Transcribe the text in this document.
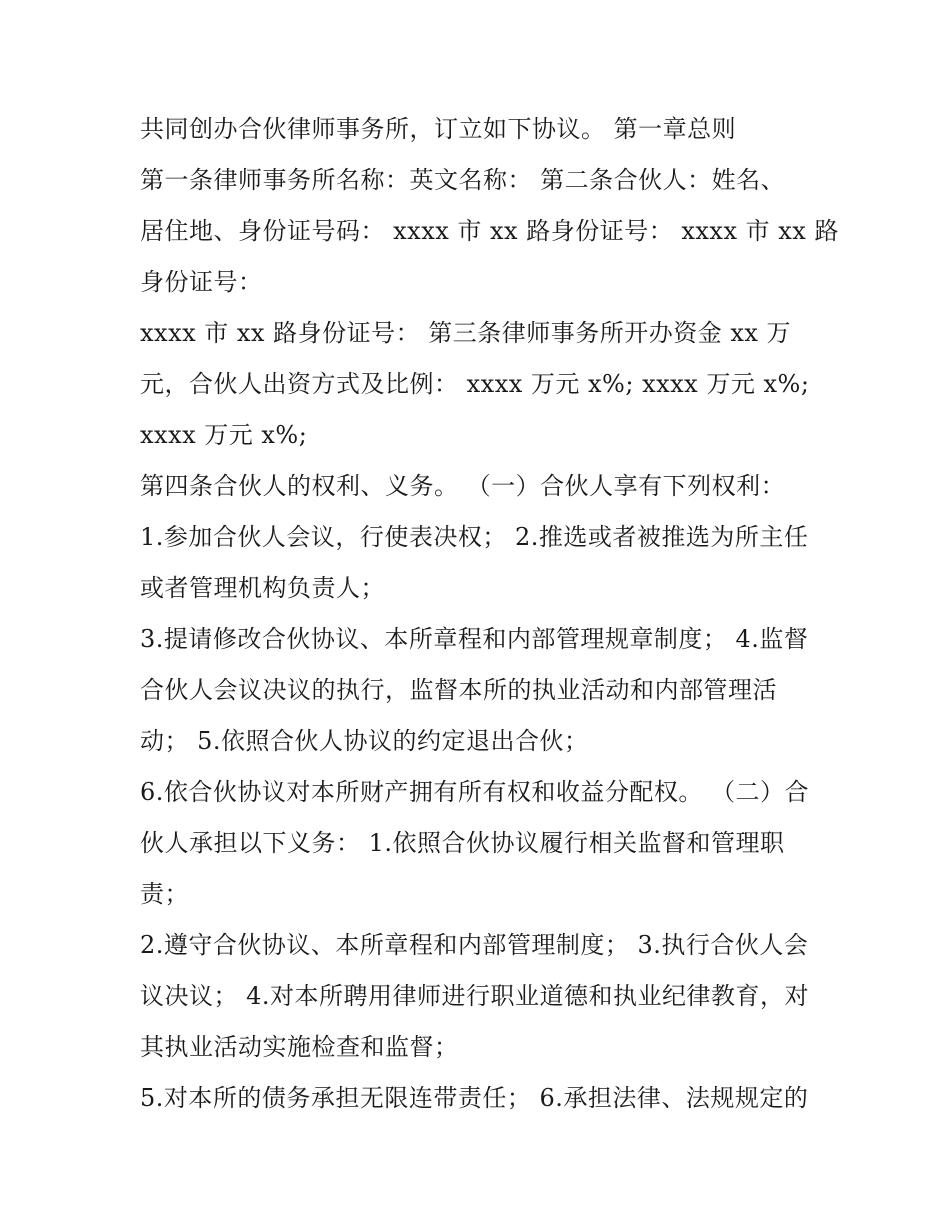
共同创办合伙律师事务所，订立如下协议。 第一章总则
第一条律师事务所名称：英文名称： 第二条合伙人：姓名、
居住地、身份证号码： xxxx 市 xx 路身份证号： xxxx 市 xx 路
身份证号：
xxxx 市 xx 路身份证号： 第三条律师事务所开办资金 xx 万
元，合伙人出资方式及比例： xxxx 万元 x%; xxxx 万元 x%;
xxxx 万元 x%;
第四条合伙人的权利、义务。 （一）合伙人享有下列权利：
1.参加合伙人会议，行使表决权； 2.推选或者被推选为所主任
或者管理机构负责人；
3.提请修改合伙协议、本所章程和内部管理规章制度； 4.监督
合伙人会议决议的执行，监督本所的执业活动和内部管理活
动； 5.依照合伙人协议的约定退出合伙；
6.依合伙协议对本所财产拥有所有权和收益分配权。 （二）合
伙人承担以下义务： 1.依照合伙协议履行相关监督和管理职
责；
2.遵守合伙协议、本所章程和内部管理制度； 3.执行合伙人会
议决议； 4.对本所聘用律师进行职业道德和执业纪律教育，对
其执业活动实施检查和监督；
5.对本所的债务承担无限连带责任； 6.承担法律、法规规定的
